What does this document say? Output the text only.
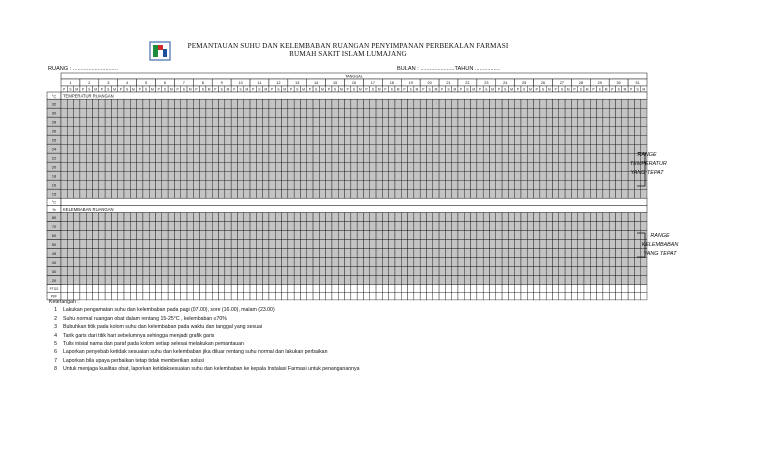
PEMANTAUAN SUHU DAN KELEMBABAN RUANGAN PENYIMPANAN PERBEKALAN FARMASI
RUMAH SAKIT ISLAM LUMAJANG
RUANG : .............................	BULAN : ......................TAHUN ................
TANGGAL
1	2	3	4	5	6	7	8	9	10	11	12	13	14	15	16	17	18	19	20	21	22	23	24	25	26	27	28	29	30	31
P S M P S M P S M P S M P S M P S M P S M P S M P S M P S M P S M P S M P S M P S M P S M P S M P S M P S M P S M P S M P S M P S M P S M P S M P S M P S M P S M P S M P S M P S M P S M
°C TEMPERATUR RUANGAN
32
30
28
26
25
24
22
20
18
16
15
°C
% KELEMBABAN RUANGAN
80
70
60
50
45
40
30
20
PTGS
PKF
RANGE
TEMPERATUR
YANG TEPAT
RANGE
KELEMBABAN
YANG TEPAT
Keterangan :
1 Lakukan pengamatan suhu dan kelembaban pada pagi (07.00), sore (16.00), malam (23.00)
2 Suhu normal ruangan obat dalam rentang 15-25°C , kelembaban ≤70%
3 Bubuhkan titik pada kolom suhu dan kelembaban pada waktu dan tanggal yang sesuai
4 Tarik garis dari titik hari sebelumnya sehingga menjadi grafik garis
5 Tulis inisial nama dan paraf pada kolom setiap selesai melakukan pemantauan
6 Laporkan penyebab ketidak sesuaian suhu dan kelembaban jika diluar rentang suhu normal dan lakukan perbaikan
7 Laporkan bila upaya perbaikan tetap tidak memberikan solusi
8 Untuk menjaga kualitas obat, laporkan ketidaksesuaian suhu dan kelembaban ke kepala Instalasi Farmasi untuk penanganannya
